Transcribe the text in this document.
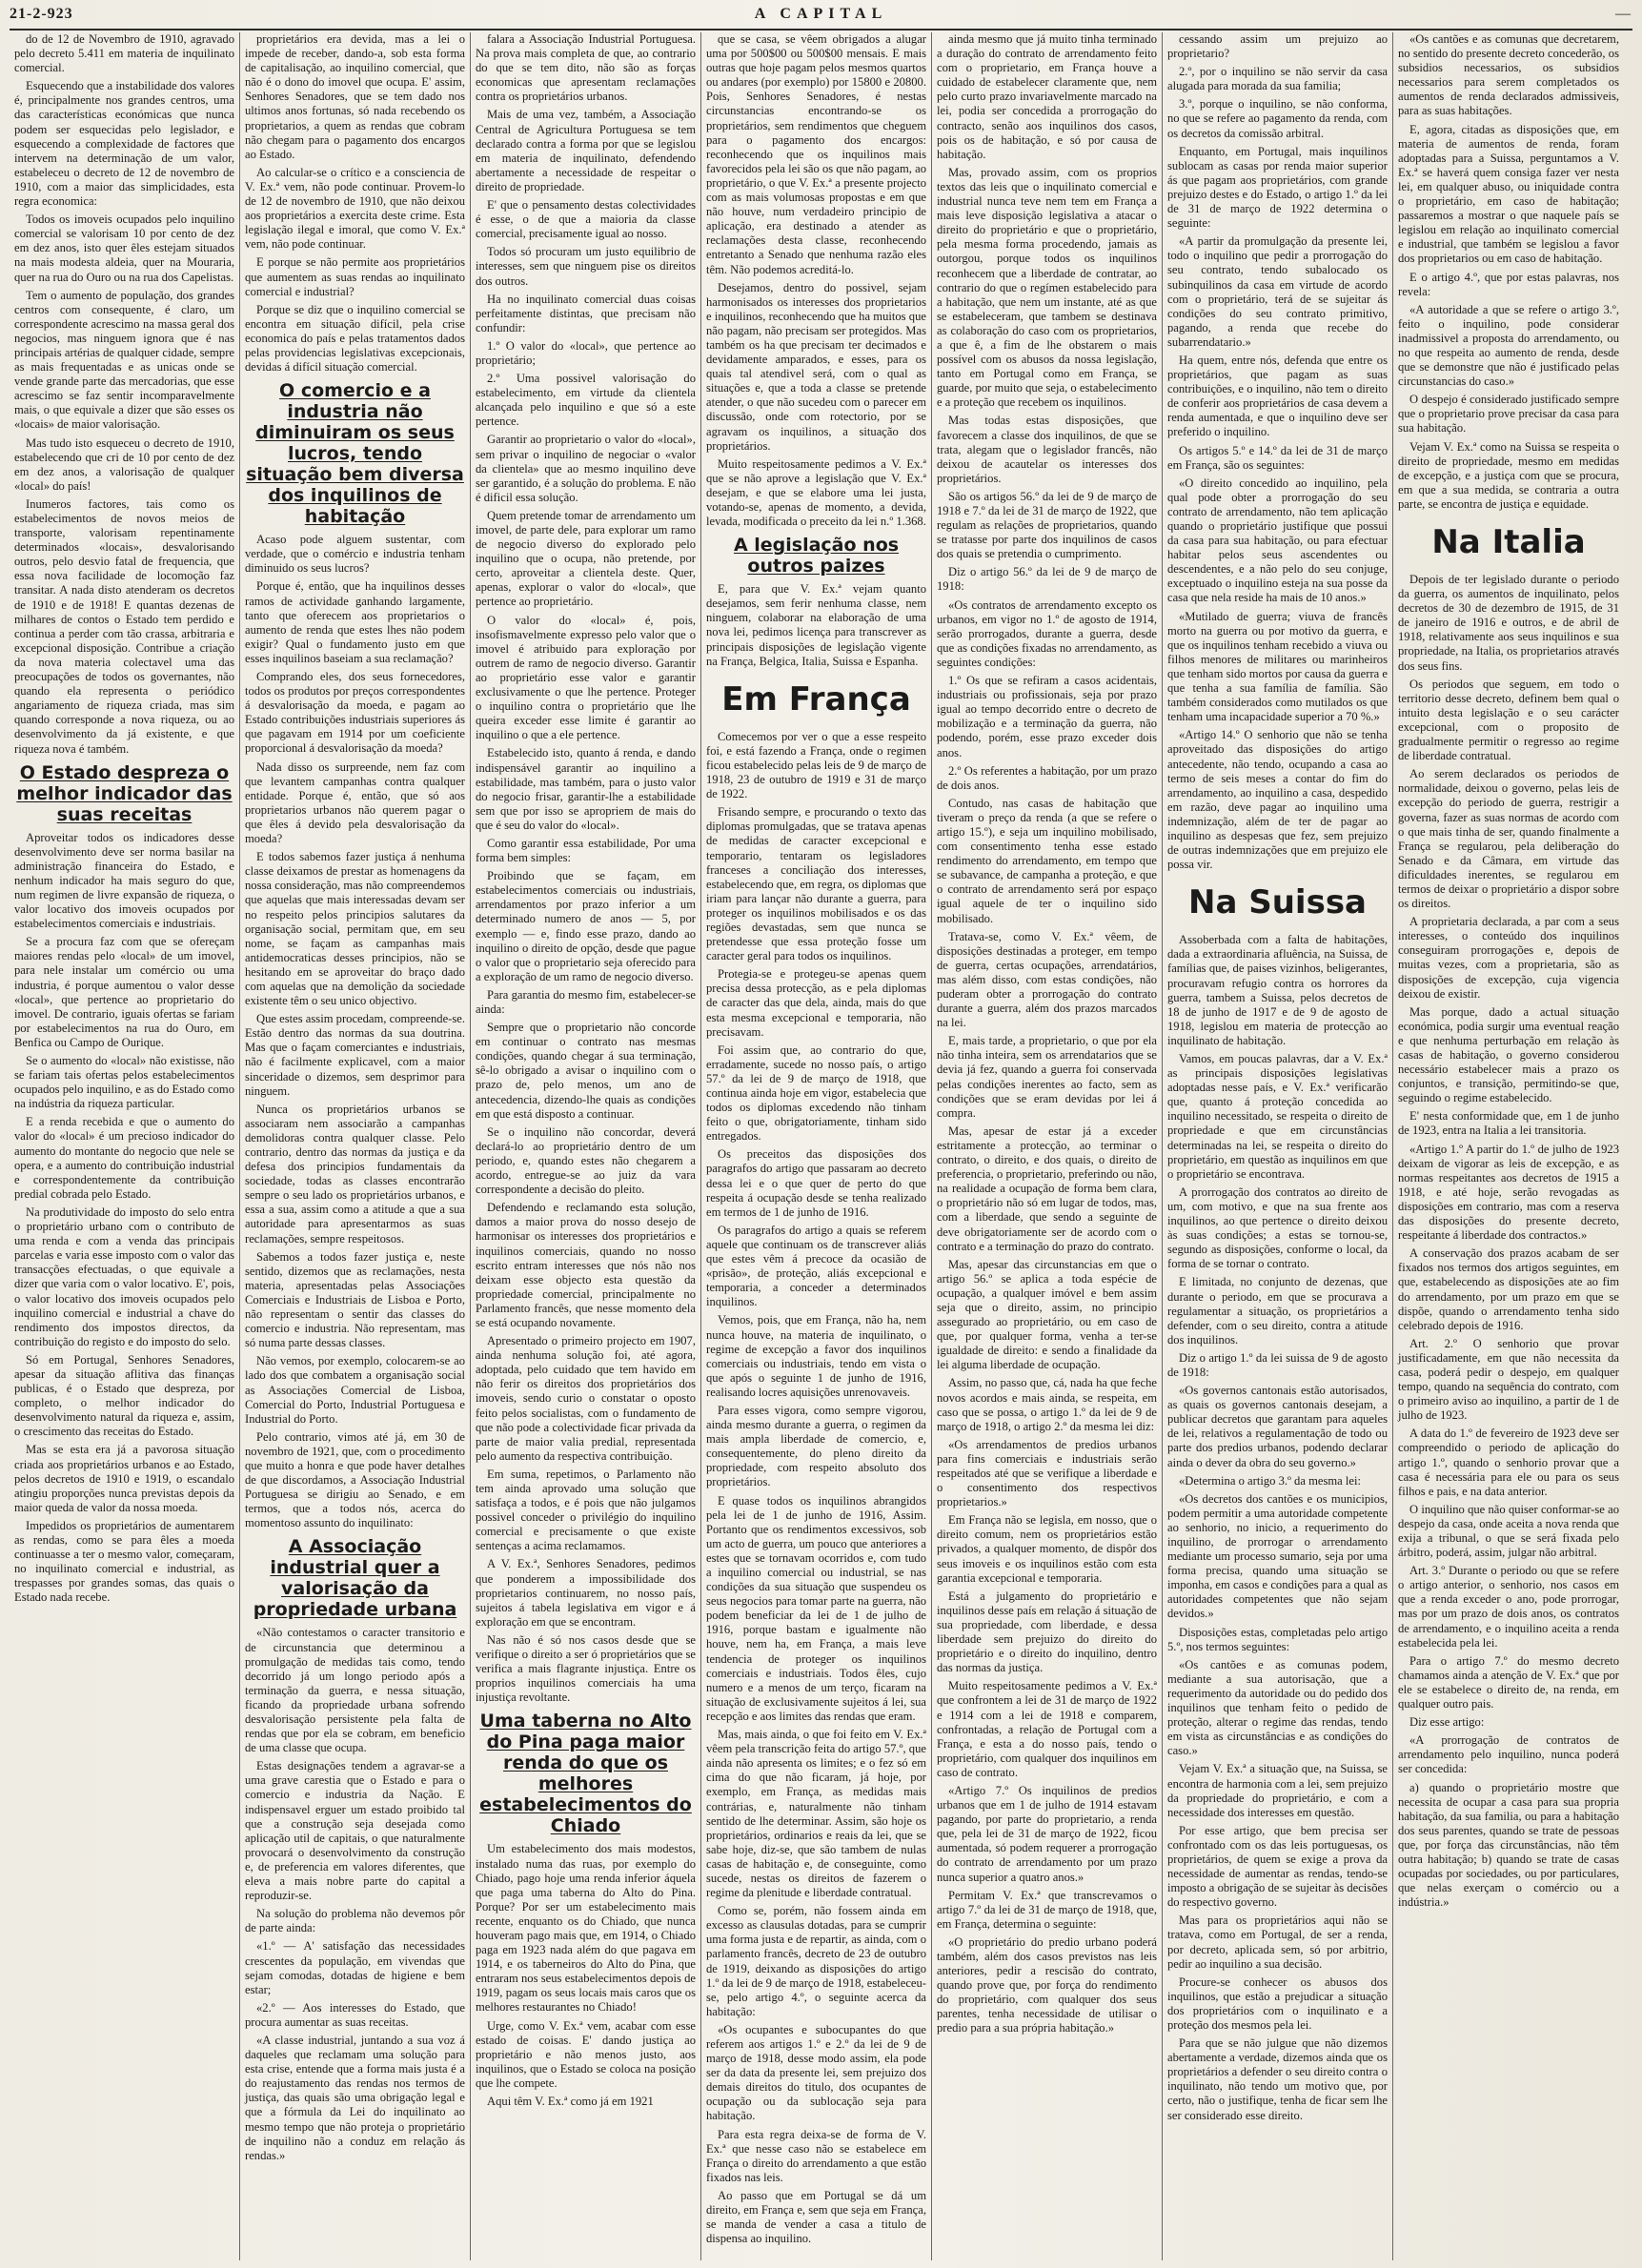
21-2-923	A CAPITAL	—

do de 12 de Novembro de 1910, agravado pelo decreto 5.411 em materia de inquilinato comercial.

Esquecendo que a instabilidade dos valores é, principalmente nos grandes centros, uma das características económicas que nunca podem ser esquecidas pelo legislador, e esquecendo a complexidade de factores que intervem na determinação de um valor, estabeleceu o decreto de 12 de novembro de 1910, com a maior das simplicidades, esta regra economica:

Todos os imoveis ocupados pelo inquilino comercial se valorisam 10 por cento de dez em dez anos, isto quer êles estejam situados na mais modesta aldeia, quer na Mouraria, quer na rua do Ouro ou na rua dos Capelistas.

Tem o aumento de população, dos grandes centros com consequente, é claro, um correspondente acrescimo na massa geral dos negocios, mas ninguem ignora que é nas principais artérias de qualquer cidade, sempre as mais frequentadas e as unicas onde se vende grande parte das mercadorias, que esse acrescimo se faz sentir incomparavelmente mais, o que equivale a dizer que são esses os «locais» de maior valorisação.

Mas tudo isto esqueceu o decreto de 1910, estabelecendo que cri de 10 por cento de dez em dez anos, a valorisação de qualquer «local» do país!

Inumeros factores, tais como os estabelecimentos de novos meios de transporte, valorisam repentinamente determinados «locais», desvalorisando outros, pelo desvio fatal de frequencia, que essa nova facilidade de locomoção faz transitar. A nada disto atenderam os decretos de 1910 e de 1918! E quantas dezenas de milhares de contos o Estado tem perdido e continua a perder com tão crassa, arbitraria e excepcional disposição. Contribue a criação da nova materia colectavel uma das preocupações de todos os governantes, não quando ela representa o periódico angariamento de riqueza criada, mas sim quando corresponde a nova riqueza, ou ao desenvolvimento da já existente, e que riqueza nova é também.

O Estado despreza o melhor indicador das suas receitas

Aproveitar todos os indicadores desse desenvolvimento deve ser norma basilar na administração financeira do Estado, e nenhum indicador ha mais seguro do que, num regimen de livre expansão de riqueza, o valor locativo dos imoveis ocupados por estabelecimentos comerciais e industriais.

Se a procura faz com que se ofereçam maiores rendas pelo «local» de um imovel, para nele instalar um comércio ou uma industria, é porque aumentou o valor desse «local», que pertence ao proprietario do imovel. De contrario, iguais ofertas se fariam por estabelecimentos na rua do Ouro, em Benfica ou Campo de Ourique.

Se o aumento do «local» não existisse, não se fariam tais ofertas pelos estabelecimentos ocupados pelo inquilino, e as do Estado como na indústria da riqueza particular.

E a renda recebida e que o aumento do valor do «local» é um precioso indicador do aumento do montante do negocio que nele se opera, e a aumento do contribuição industrial e correspondentemente da contribuição predial cobrada pelo Estado.

Na produtividade do imposto do selo entra o proprietário urbano com o contributo de uma renda e com a venda das principais parcelas e varia esse imposto com o valor das transacções efectuadas, o que equivale a dizer que varia com o valor locativo. E', pois, o valor locativo dos imoveis ocupados pelo inquilino comercial e industrial a chave do rendimento dos impostos directos, da contribuição do registo e do imposto do selo.

Só em Portugal, Senhores Senadores, apesar da situação aflitiva das finanças publicas, é o Estado que despreza, por completo, o melhor indicador do desenvolvimento natural da riqueza e, assim, o crescimento das receitas do Estado.

Mas se esta era já a pavorosa situação criada aos proprietários urbanos e ao Estado, pelos decretos de 1910 e 1919, o escandalo atingiu proporções nunca previstas depois da maior queda de valor da nossa moeda.

Impedidos os proprietários de aumentarem as rendas, como se para êles a moeda continuasse a ter o mesmo valor, começaram, no inquilinato comercial e industrial, as trespasses por grandes somas, das quais o Estado nada recebe.

proprietários era devida, mas a lei o impede de receber, dando-a, sob esta forma de capitalisação, ao inquilino comercial, que não é o dono do imovel que ocupa. E' assim, Senhores Senadores, que se tem dado nos ultimos anos fortunas, só nada recebendo os proprietarios, a quem as rendas que cobram não chegam para o pagamento dos encargos ao Estado.

Ao calcular-se o crítico e a consciencia de V. Ex.ª vem, não pode continuar. Provem-lo de 12 de novembro de 1910, que não deixou aos proprietários a exercita deste crime. Esta legislação ilegal e imoral, que como V. Ex.ª vem, não pode continuar.

E porque se não permite aos proprietários que aumentem as suas rendas ao inquilinato comercial e industrial?

Porque se diz que o inquilino comercial se encontra em situação difícil, pela crise economica do país e pelas tratamentos dados pelas providencias legislativas excepcionais, devidas á difícil situação comercial.

O comercio e a industria não diminuiram os seus lucros, tendo situação bem diversa dos inquilinos de habitação

Acaso pode alguem sustentar, com verdade, que o comércio e industria tenham diminuido os seus lucros?

Porque é, então, que ha inquilinos desses ramos de actividade ganhando largamente, tanto que oferecem aos proprietarios o aumento de renda que estes lhes não podem exigir? Qual o fundamento justo em que esses inquilinos baseiam a sua reclamação?

Comprando eles, dos seus fornecedores, todos os produtos por preços correspondentes á desvalorisação da moeda, e pagam ao Estado contribuições industriais superiores ás que pagavam em 1914 por um coeficiente proporcional á desvalorisação da moeda?

Nada disso os surpreende, nem faz com que levantem campanhas contra qualquer entidade. Porque é, então, que só aos proprietarios urbanos não querem pagar o que êles á devido pela desvalorisação da moeda?

E todos sabemos fazer justiça á nenhuma classe deixamos de prestar as homenagens da nossa consideração, mas não compreendemos que aquelas que mais interessadas devam ser no respeito pelos principios salutares da organisação social, permitam que, em seu nome, se façam as campanhas mais antidemocraticas desses principios, não se hesitando em se aproveitar do braço dado com aquelas que na demolição da sociedade existente têm o seu unico objectivo.

Que estes assim procedam, compreende-se. Estão dentro das normas da sua doutrina. Mas que o façam comerciantes e industriais, não é facilmente explicavel, com a maior sinceridade o dizemos, sem desprimor para ninguem.

Nunca os proprietários urbanos se associaram nem associarão a campanhas demolidoras contra qualquer classe. Pelo contrario, dentro das normas da justiça e da defesa dos principios fundamentais da sociedade, todas as classes encontrarão sempre o seu lado os proprietários urbanos, e essa a sua, assim como a atitude a que a sua autoridade para apresentarmos as suas reclamações, sempre respeitosos.

Sabemos a todos fazer justiça e, neste sentido, dizemos que as reclamações, nesta materia, apresentadas pelas Associações Comerciais e Industriais de Lisboa e Porto, não representam o sentir das classes do comercio e industria. Não representam, mas só numa parte dessas classes.

Não vemos, por exemplo, colocarem-se ao lado dos que combatem a organisação social as Associações Comercial de Lisboa, Comercial do Porto, Industrial Portuguesa e Industrial do Porto.

Pelo contrario, vimos até já, em 30 de novembro de 1921, que, com o procedimento que muito a honra e que pode haver detalhes de que discordamos, a Associação Industrial Portuguesa se dirigiu ao Senado, e em termos, que a todos nós, acerca do momentoso assunto do inquilinato:

A Associação industrial quer a valorisação da propriedade urbana

«Não contestamos o caracter transitorio e de circunstancia que determinou a promulgação de medidas tais como, tendo decorrido já um longo periodo após a terminação da guerra, e nessa situação, ficando da propriedade urbana sofrendo desvalorisação persistente pela falta de rendas que por ela se cobram, em beneficio de uma classe que ocupa.

Estas designações tendem a agravar-se a uma grave carestia que o Estado e para o comercio e industria da Nação. E indispensavel erguer um estado proibido tal que a construção seja desejada como aplicação util de capitais, o que naturalmente provocará o desenvolvimento da construção e, de preferencia em valores diferentes, que eleva a mais nobre parte do capital a reproduzir-se.

Na solução do problema não devemos pôr de parte ainda:

«1.º — A' satisfação das necessidades crescentes da população, em vivendas que sejam comodas, dotadas de higiene e bem estar;

«2.º — Aos interesses do Estado, que procura aumentar as suas receitas.

«A classe industrial, juntando a sua voz á daqueles que reclamam uma solução para esta crise, entende que a forma mais justa é a do reajustamento das rendas nos termos de justiça, das quais são uma obrigação legal e que a fórmula da Lei do inquilinato ao mesmo tempo que não proteja o proprietário de inquilino não a conduz em relação ás rendas.»

falara a Associação Industrial Portuguesa. Na prova mais completa de que, ao contrario do que se tem dito, não são as forças economicas que apresentam reclamações contra os proprietários urbanos.

Mais de uma vez, também, a Associação Central de Agricultura Portuguesa se tem declarado contra a forma por que se legislou em materia de inquilinato, defendendo abertamente a necessidade de respeitar o direito de propriedade.

E' que o pensamento destas colectividades é esse, o de que a maioria da classe comercial, precisamente igual ao nosso.

Todos só procuram um justo equilibrio de interesses, sem que ninguem pise os direitos dos outros.

Ha no inquilinato comercial duas coisas perfeitamente distintas, que precisam não confundir:

1.º O valor do «local», que pertence ao proprietário;

2.º Uma possivel valorisação do estabelecimento, em virtude da clientela alcançada pelo inquilino e que só a este pertence.

Garantir ao proprietario o valor do «local», sem privar o inquilino de negociar o «valor da clientela» que ao mesmo inquilino deve ser garantido, é a solução do problema. E não é dificil essa solução.

Quem pretende tomar de arrendamento um imovel, de parte dele, para explorar um ramo de negocio diverso do explorado pelo inquilino que o ocupa, não pretende, por certo, aproveitar a clientela deste. Quer, apenas, explorar o valor do «local», que pertence ao proprietário.

O valor do «local» é, pois, insofismavelmente expresso pelo valor que o imovel é atribuido para exploração por outrem de ramo de negocio diverso. Garantir ao proprietário esse valor e garantir exclusivamente o que lhe pertence. Proteger o inquilino contra o proprietário que lhe queira exceder esse limite é garantir ao inquilino o que a ele pertence.

Estabelecido isto, quanto á renda, e dando indispensável garantir ao inquilino a estabilidade, mas também, para o justo valor do negocio frisar, garantir-lhe a estabilidade sem que por isso se apropriem de mais do que é seu do valor do «local».

Como garantir essa estabilidade, Por uma forma bem simples:

Proibindo que se façam, em estabelecimentos comerciais ou industriais, arrendamentos por prazo inferior a um determinado numero de anos — 5, por exemplo — e, findo esse prazo, dando ao inquilino o direito de opção, desde que pague o valor que o proprietario seja oferecido para a exploração de um ramo de negocio diverso.

Para garantia do mesmo fim, estabelecer-se ainda:

Sempre que o proprietario não concorde em continuar o contrato nas mesmas condições, quando chegar á sua terminação, sê-lo obrigado a avisar o inquilino com o prazo de, pelo menos, um ano de antecedencia, dizendo-lhe quais as condições em que está disposto a continuar.

Se o inquilino não concordar, deverá declará-lo ao proprietário dentro de um periodo, e, quando estes não chegarem a acordo, entregue-se ao juiz da vara correspondente a decisão do pleito.

Defendendo e reclamando esta solução, damos a maior prova do nosso desejo de harmonisar os interesses dos proprietários e inquilinos comerciais, quando no nosso escrito entram interesses que nós não nos deixam esse objecto esta questão da propriedade comercial, principalmente no Parlamento francês, que nesse momento dela se está ocupando novamente.

Apresentado o primeiro projecto em 1907, ainda nenhuma solução foi, até agora, adoptada, pelo cuidado que tem havido em não ferir os direitos dos proprietários dos imoveis, sendo curio o constatar o oposto feito pelos socialistas, com o fundamento de que não pode a colectividade ficar privada da parte de maior valia predial, representada pelo aumento da respectiva contribuição.

Em suma, repetimos, o Parlamento não tem ainda aprovado uma solução que satisfaça a todos, e é pois que não julgamos possivel conceder o privilégio do inquilino comercial e precisamente o que existe sentenças a acima reclamamos.

A V. Ex.ª, Senhores Senadores, pedimos que ponderem a impossibilidade dos proprietarios continuarem, no nosso país, sujeitos á tabela legislativa em vigor e á exploração em que se encontram.

Nas não é só nos casos desde que se verifique o direito a ser ó proprietários que se verifica a mais flagrante injustiça. Entre os proprios inquilinos comerciais ha uma injustiça revoltante.

Uma taberna no Alto do Pina paga maior renda do que os melhores estabelecimentos do Chiado

Um estabelecimento dos mais modestos, instalado numa das ruas, por exemplo do Chiado, pago hoje uma renda inferior áquela que paga uma taberna do Alto do Pina. Porque? Por ser um estabelecimento mais recente, enquanto os do Chiado, que nunca houveram pago mais que, em 1914, o Chiado paga em 1923 nada além do que pagava em 1914, e os taberneiros do Alto do Pina, que entraram nos seus estabelecimentos depois de 1919, pagam os seus locais mais caros que os melhores restaurantes no Chiado!

Urge, como V. Ex.ª vem, acabar com esse estado de coisas. E' dando justiça ao proprietário e não menos justo, aos inquilinos, que o Estado se coloca na posição que lhe compete.

Aqui têm V. Ex.ª como já em 1921

que se casa, se vêem obrigados a alugar uma por 500$00 ou 500$00 mensais. E mais outras que hoje pagam pelos mesmos quartos ou andares (por exemplo) por 15800 e 20800. Pois, Senhores Senadores, é nestas circunstancias encontrando-se os proprietários, sem rendimentos que cheguem para o pagamento dos encargos: reconhecendo que os inquilinos mais favorecidos pela lei são os que não pagam, ao proprietário, o que V. Ex.ª a presente projecto com as mais volumosas propostas e em que não houve, num verdadeiro principio de aplicação, era destinado a atender as reclamações desta classe, reconhecendo entretanto a Senado que nenhuma razão eles têm. Não podemos acreditá-lo.

Desejamos, dentro do possivel, sejam harmonisados os interesses dos proprietarios e inquilinos, reconhecendo que ha muitos que não pagam, não precisam ser protegidos. Mas também os ha que precisam ter decimados e devidamente amparados, e esses, para os quais tal atendivel será, com o qual as situações e, que a toda a classe se pretende atender, o que não sucedeu com o parecer em discussão, onde com rotectorio, por se agravam os inquilinos, a situação dos proprietários.

Muito respeitosamente pedimos a V. Ex.ª que se não aprove a legislação que V. Ex.ª desejam, e que se elabore uma lei justa, votando-se, apenas de momento, a devida, levada, modificada o preceito da lei n.º 1.368.

A legislação nos outros paizes

E, para que V. Ex.ª vejam quanto desejamos, sem ferir nenhuma classe, nem ninguem, colaborar na elaboração de uma nova lei, pedimos licença para transcrever as principais disposições de legislação vigente na França, Belgica, Italia, Suissa e Espanha.

Em França

Comecemos por ver o que a esse respeito foi, e está fazendo a França, onde o regimen ficou estabelecido pelas leis de 9 de março de 1918, 23 de outubro de 1919 e 31 de março de 1922.

Frisando sempre, e procurando o texto das diplomas promulgadas, que se tratava apenas de medidas de caracter excepcional e temporario, tentaram os legisladores franceses a conciliação dos interesses, estabelecendo que, em regra, os diplomas que iriam para lançar não durante a guerra, para proteger os inquilinos mobilisados e os das regiões devastadas, sem que nunca se pretendesse que essa proteção fosse um caracter geral para todos os inquilinos.

Protegia-se e protegeu-se apenas quem precisa dessa protecção, as e pela diplomas de caracter das que dela, ainda, mais do que esta mesma excepcional e temporaria, não precisavam.

Foi assim que, ao contrario do que, erradamente, sucede no nosso país, o artigo 57.º da lei de 9 de março de 1918, que continua ainda hoje em vigor, estabelecia que todos os diplomas excedendo não tinham feito o que, obrigatoriamente, tinham sido entregados.

Os preceitos das disposições dos paragrafos do artigo que passaram ao decreto dessa lei e o que quer de perto do que respeita á ocupação desde se tenha realizado em termos de 1 de junho de 1916.

Os paragrafos do artigo a quais se referem aquele que continuam os de transcrever aliás que estes vêm á precoce da ocasião de «prisão», de proteção, aliás excepcional e temporaria, a conceder a determinados inquilinos.

Vemos, pois, que em França, não ha, nem nunca houve, na materia de inquilinato, o regime de excepção a favor dos inquilinos comerciais ou industriais, tendo em vista o que após o seguinte 1 de junho de 1916, realisando locres aquisições unrenovaveis.

Para esses vigora, como sempre vigorou, ainda mesmo durante a guerra, o regimen da mais ampla liberdade de comercio, e, consequentemente, do pleno direito da propriedade, com respeito absoluto dos proprietários.

E quase todos os inquilinos abrangidos pela lei de 1 de junho de 1916, Assim. Portanto que os rendimentos excessivos, sob um acto de guerra, um pouco que anteriores a estes que se tornavam ocorridos e, com tudo a inquilino comercial ou industrial, se nas condições da sua situação que suspendeu os seus negocios para tomar parte na guerra, não podem beneficiar da lei de 1 de julho de 1916, porque bastam e igualmente não houve, nem ha, em França, a mais leve tendencia de proteger os inquilinos comerciais e industriais. Todos êles, cujo numero e a menos de um terço, ficaram na situação de exclusivamente sujeitos á lei, sua recepção e aos limites das rendas que eram.

Mas, mais ainda, o que foi feito em V. Ex.ª vêem pela transcrição feita do artigo 57.º, que ainda não apresenta os limites; e o fez só em cima do que não ficaram, já hoje, por exemplo, em França, as medidas mais contrárias, e, naturalmente não tinham sentido de lhe determinar. Assim, são hoje os proprietários, ordinarios e reais da lei, que se sabe hoje, diz-se, que são tambem de nulas casas de habitação e, de conseguinte, como sucede, nestas os direitos de fazerem o regime da plenitude e liberdade contratual.

Como se, porém, não fossem ainda em excesso as clausulas dotadas, para se cumprir uma forma justa e de repartir, as ainda, com o parlamento francês, decreto de 23 de outubro de 1919, deixando as disposições do artigo 1.º da lei de 9 de março de 1918, estabeleceu-se, pelo artigo 4.º, o seguinte acerca da habitação:

«Os ocupantes e subocupantes do que referem aos artigos 1.º e 2.º da lei de 9 de março de 1918, desse modo assim, ela pode ser da data da presente lei, sem prejuizo dos demais direitos do titulo, dos ocupantes de ocupação ou da sublocação seja para habitação.

Para esta regra deixa-se de forma de V. Ex.ª que nesse caso não se estabelece em França o direito do arrendamento a que estão fixados nas leis.

Ao passo que em Portugal se dá um direito, em França e, sem que seja em França, se manda de vender a casa a titulo de dispensa ao inquilino.

ainda mesmo que já muito tinha terminado a duração do contrato de arrendamento feito com o proprietario, em França houve a cuidado de estabelecer claramente que, nem pelo curto prazo invariavelmente marcado na lei, podia ser concedida a prorrogação do contracto, senão aos inquilinos dos casos, pois os de habitação, e só por causa de habitação.

Mas, provado assim, com os proprios textos das leis que o inquilinato comercial e industrial nunca teve nem tem em França a mais leve disposição legislativa a atacar o direito do proprietário e que o proprietário, pela mesma forma procedendo, jamais as outorgou, porque todos os inquilinos reconhecem que a liberdade de contratar, ao contrario do que o regímen estabelecido para a habitação, que nem um instante, até as que se estabeleceram, que tambem se destinava as colaboração do caso com os proprietarios, a que ê, a fim de lhe obstarem o mais possível com os abusos da nossa legislação, tanto em Portugal como em França, se guarde, por muito que seja, o estabelecimento e a proteção que recebem os inquilinos.

Mas todas estas disposições, que favorecem a classe dos inquilinos, de que se trata, alegam que o legislador francês, não deixou de acautelar os interesses dos proprietários.

São os artigos 56.º da lei de 9 de março de 1918 e 7.º da lei de 31 de março de 1922, que regulam as relações de proprietarios, quando se tratasse por parte dos inquilinos de casos dos quais se pretendia o cumprimento.

Diz o artigo 56.º da lei de 9 de março de 1918:

«Os contratos de arrendamento excepto os urbanos, em vigor no 1.º de agosto de 1914, serão prorrogados, durante a guerra, desde que as condições fixadas no arrendamento, as seguintes condições:

1.º Os que se refiram a casos acidentais, industriais ou profissionais, seja por prazo igual ao tempo decorrido entre o decreto de mobilização e a terminação da guerra, não podendo, porém, esse prazo exceder dois anos.

2.º Os referentes a habitação, por um prazo de dois anos.

Contudo, nas casas de habitação que tiveram o preço da renda (a que se refere o artigo 15.º), e seja um inquilino mobilisado, com consentimento tenha esse estado rendimento do arrendamento, em tempo que se subavance, de campanha a proteção, e que o contrato de arrendamento será por espaço igual aquele de ter o inquilino sido mobilisado.

Tratava-se, como V. Ex.ª vêem, de disposições destinadas a proteger, em tempo de guerra, certas ocupações, arrendatários, mas além disso, com estas condições, não puderam obter a prorrogação do contrato durante a guerra, além dos prazos marcados na lei.

E, mais tarde, a proprietario, o que por ela não tinha inteira, sem os arrendatarios que se devia já fez, quando a guerra foi conservada pelas condições inerentes ao facto, sem as condições que se eram devidas por lei á compra.

Mas, apesar de estar já a exceder estritamente a protecção, ao terminar o contrato, o direito, e dos quais, o direito de preferencia, o proprietario, preferindo ou não, na realidade a ocupação de forma bem clara, o proprietário não só em lugar de todos, mas, com a liberdade, que sendo a seguinte de deve obrigatoriamente ser de acordo com o contrato e a terminação do prazo do contrato.

Mas, apesar das circunstancias em que o artigo 56.º se aplica a toda espécie de ocupação, a qualquer imóvel e bem assim seja que o direito, assim, no principio assegurado ao proprietário, ou em caso de que, por qualquer forma, venha a ter-se igualdade de direito: e sendo a finalidade da lei alguma liberdade de ocupação.

Assim, no passo que, cá, nada ha que feche novos acordos e mais ainda, se respeita, em caso que se possa, o artigo 1.º da lei de 9 de março de 1918, o artigo 2.º da mesma lei diz:

«Os arrendamentos de predios urbanos para fins comerciais e industriais serão respeitados até que se verifique a liberdade e o consentimento dos respectivos proprietarios.»

Em França não se legisla, em nosso, que o direito comum, nem os proprietários estão privados, a qualquer momento, de dispôr dos seus imoveis e os inquilinos estão com esta garantia excepcional e temporaria.

Está a julgamento do proprietário e inquilinos desse país em relação á situação de sua propriedade, com liberdade, e dessa liberdade sem prejuizo do direito do proprietário e o direito do inquilino, dentro das normas da justiça.

Muito respeitosamente pedimos a V. Ex.ª que confrontem a lei de 31 de março de 1922 e 1914 com a lei de 1918 e comparem, confrontadas, a relação de Portugal com a França, e esta a do nosso país, tendo o proprietário, com qualquer dos inquilinos em caso de contrato.

«Artigo 7.º Os inquilinos de predios urbanos que em 1 de julho de 1914 estavam pagando, por parte do proprietario, a renda que, pela lei de 31 de março de 1922, ficou aumentada, só podem requerer a prorrogação do contrato de arrendamento por um prazo nunca superior a quatro anos.»

Permitam V. Ex.ª que transcrevamos o artigo 7.º da lei de 31 de março de 1918, que, em França, determina o seguinte:

«O proprietário do predio urbano poderá também, além dos casos previstos nas leis anteriores, pedir a rescisão do contrato, quando prove que, por força do rendimento do proprietário, com qualquer dos seus parentes, tenha necessidade de utilisar o predio para a sua própria habitação.»

cessando assim um prejuizo ao proprietario?

2.º, por o inquilino se não servir da casa alugada para morada da sua familia;

3.º, porque o inquilino, se não conforma, no que se refere ao pagamento da renda, com os decretos da comissão arbitral.

Enquanto, em Portugal, mais inquilinos sublocam as casas por renda maior superior ás que pagam aos proprietários, com grande prejuizo destes e do Estado, o artigo 1.º da lei de 31 de março de 1922 determina o seguinte:

«A partir da promulgação da presente lei, todo o inquilino que pedir a prorrogação do seu contrato, tendo subalocado os subinquilinos da casa em virtude de acordo com o proprietário, terá de se sujeitar ás condições do seu contrato primitivo, pagando, a renda que recebe do subarrendatario.»

Ha quem, entre nós, defenda que entre os proprietários, que pagam as suas contribuições, e o inquilino, não tem o direito de conferir aos proprietários de casa devem a renda aumentada, e que o inquilino deve ser preferido o inquilino.

Os artigos 5.º e 14.º da lei de 31 de março em França, são os seguintes:

«O direito concedido ao inquilino, pela qual pode obter a prorrogação do seu contrato de arrendamento, não tem aplicação quando o proprietário justifique que possui da casa para sua habitação, ou para efectuar habitar pelos seus ascendentes ou descendentes, e a não pelo do seu conjuge, exceptuado o inquilino esteja na sua posse da casa que nela reside ha mais de 10 anos.»

«Mutilado de guerra; viuva de francês morto na guerra ou por motivo da guerra, e que os inquilinos tenham recebido a viuva ou filhos menores de militares ou marinheiros que tenham sido mortos por causa da guerra e que tenha a sua família de família. São também considerados como mutilados os que tenham uma incapacidade superior a 70 %.»

«Artigo 14.º O senhorio que não se tenha aproveitado das disposições do artigo antecedente, não tendo, ocupando a casa ao termo de seis meses a contar do fim do arrendamento, ao inquilino a casa, despedido em razão, deve pagar ao inquilino uma indemnização, além de ter de pagar ao inquilino as despesas que fez, sem prejuizo de outras indemnizações que em prejuizo ele possa vir.

Na Suissa

Assoberbada com a falta de habitações, dada a extraordinaria afluência, na Suissa, de famílias que, de paises vizinhos, beligerantes, procuravam refugio contra os horrores da guerra, tambem a Suissa, pelos decretos de 18 de junho de 1917 e de 9 de agosto de 1918, legislou em materia de protecção ao inquilinato de habitação.

Vamos, em poucas palavras, dar a V. Ex.ª as principais disposições legislativas adoptadas nesse país, e V. Ex.ª verificarão que, quanto á proteção concedida ao inquilino necessitado, se respeita o direito de propriedade e que em circunstâncias determinadas na lei, se respeita o direito do proprietário, em questão as inquilinos em que o proprietário se encontrava.

A prorrogação dos contratos ao direito de um, com motivo, e que na sua frente aos inquilinos, ao que pertence o direito deixou às suas condições; a estas se tornou-se, segundo as disposições, conforme o local, da forma de se tornar o contrato.

E limitada, no conjunto de dezenas, que durante o periodo, em que se procurava a regulamentar a situação, os proprietários a defender, com o seu direito, contra a atitude dos inquilinos.

Diz o artigo 1.º da lei suissa de 9 de agosto de 1918:

«Os governos cantonais estão autorisados, as quais os governos cantonais desejam, a publicar decretos que garantam para aqueles de lei, relativos a regulamentação de todo ou parte dos predios urbanos, podendo declarar ainda o dever da obra do seu governo.»

«Determina o artigo 3.º da mesma lei:

«Os decretos dos cantões e os municipios, podem permitir a uma autoridade competente ao senhorio, no inicio, a requerimento do inquilino, de prorrogar o arrendamento mediante um processo sumario, seja por uma forma precisa, quando uma situação se imponha, em casos e condições para a qual as autoridades competentes que não sejam devidos.»

Disposições estas, completadas pelo artigo 5.º, nos termos seguintes:

«Os cantões e as comunas podem, mediante a sua autorisação, que a requerimento da autoridade ou do pedido dos inquilinos que tenham feito o pedido de proteção, alterar o regime das rendas, tendo em vista as circunstâncias e as condições do caso.»

Vejam V. Ex.ª a situação que, na Suissa, se encontra de harmonia com a lei, sem prejuizo da propriedade do proprietário, e com a necessidade dos interesses em questão.

Por esse artigo, que bem precisa ser confrontado com os das leis portuguesas, os proprietários, de quem se exige a prova da necessidade de aumentar as rendas, tendo-se imposto a obrigação de se sujeitar às decisões do respectivo governo.

Mas para os proprietários aqui não se tratava, como em Portugal, de ser a renda, por decreto, aplicada sem, só por arbitrio, pedir ao inquilino a sua decisão.

Procure-se conhecer os abusos dos inquilinos, que estão a prejudicar a situação dos proprietários com o inquilinato e a proteção dos mesmos pela lei.

Para que se não julgue que não dizemos abertamente a verdade, dizemos ainda que os proprietários a defender o seu direito contra o inquilinato, não tendo um motivo que, por certo, não o justifique, tenha de ficar sem lhe ser considerado esse direito.

«Os cantões e as comunas que decretarem, no sentido do presente decreto concederão, os subsidios necessarios, os subsidios necessarios para serem completados os aumentos de renda declarados admissiveis, para as suas habitações.

E, agora, citadas as disposições que, em materia de aumentos de renda, foram adoptadas para a Suissa, perguntamos a V. Ex.ª se haverá quem consiga fazer ver nesta lei, em qualquer abuso, ou iniquidade contra o proprietário, em caso de habitação; passaremos a mostrar o que naquele país se legislou em relação ao inquilinato comercial e industrial, que também se legislou a favor dos proprietarios ou em caso de habitação.

E o artigo 4.º, que por estas palavras, nos revela:

«A autoridade a que se refere o artigo 3.º, feito o inquilino, pode considerar inadmissivel a proposta do arrendamento, ou no que respeita ao aumento de renda, desde que se demonstre que não é justificado pelas circunstancias do caso.»

O despejo é considerado justificado sempre que o proprietario prove precisar da casa para sua habitação.

Vejam V. Ex.ª como na Suissa se respeita o direito de propriedade, mesmo em medidas de excepção, e a justiça com que se procura, em que a sua medida, se contraria a outra parte, se encontra de justiça e equidade.

Na Italia

Depois de ter legislado durante o periodo da guerra, os aumentos de inquilinato, pelos decretos de 30 de dezembro de 1915, de 31 de janeiro de 1916 e outros, e de abril de 1918, relativamente aos seus inquilinos e sua propriedade, na Italia, os proprietarios através dos seus fins.

Os periodos que seguem, em todo o territorio desse decreto, definem bem qual o intuito desta legislação e o seu carácter excepcional, com o proposito de gradualmente permitir o regresso ao regime de liberdade contratual.

Ao serem declarados os periodos de normalidade, deixou o governo, pelas leis de excepção do periodo de guerra, restrigir a governa, fazer as suas normas de acordo com o que mais tinha de ser, quando finalmente a França se regularou, pela deliberação do Senado e da Câmara, em virtude das dificuldades inerentes, se regularou em termos de deixar o proprietário a dispor sobre os direitos.

A proprietaria declarada, a par com a seus interesses, o conteúdo dos inquilinos conseguiram prorrogações e, depois de muitas vezes, com a proprietaria, são as disposições de excepção, cuja vigencia deixou de existir.

Mas porque, dado a actual situação económica, podia surgir uma eventual reação e que nenhuma perturbação em relação às casas de habitação, o governo considerou necessário estabelecer mais a prazo os conjuntos, e transição, permitindo-se que, seguindo o regime estabelecido.

E' nesta conformidade que, em 1 de junho de 1923, entra na Italia a lei transitoria.

«Artigo 1.º A partir do 1.º de julho de 1923 deixam de vigorar as leis de excepção, e as normas respeitantes aos decretos de 1915 a 1918, e até hoje, serão revogadas as disposições em contrario, mas com a reserva das disposições do presente decreto, respeitante á liberdade dos contractos.»

A conservação dos prazos acabam de ser fixados nos termos dos artigos seguintes, em que, estabelecendo as disposições ate ao fim do arrendamento, por um prazo em que se dispõe, quando o arrendamento tenha sido celebrado depois de 1916.

Art. 2.º O senhorio que provar justificadamente, em que não necessita da casa, poderá pedir o despejo, em qualquer tempo, quando na sequência do contrato, com o primeiro aviso ao inquilino, a partir de 1 de julho de 1923.

A data do 1.º de fevereiro de 1923 deve ser compreendido o periodo de aplicação do artigo 1.º, quando o senhorio provar que a casa é necessária para ele ou para os seus filhos e pais, e na data anterior.

O inquilino que não quiser conformar-se ao despejo da casa, onde aceita a nova renda que exija a tribunal, o que se será fixada pelo árbitro, poderá, assim, julgar não arbitral.

Art. 3.º Durante o periodo ou que se refere o artigo anterior, o senhorio, nos casos em que a renda exceder o ano, pode prorrogar, mas por um prazo de dois anos, os contratos de arrendamento, e o inquilino aceita a renda estabelecida pela lei.

Para o artigo 7.º do mesmo decreto chamamos ainda a atenção de V. Ex.ª que por ele se estabelece o direito de, na renda, em qualquer outro pais.

Diz esse artigo:

«A prorrogação de contratos de arrendamento pelo inquilino, nunca poderá ser concedida:

a) quando o proprietário mostre que necessita de ocupar a casa para sua propria habitação, da sua familia, ou para a habitação dos seus parentes, quando se trate de pessoas que, por força das circunstâncias, não têm outra habitação; b) quando se trate de casas ocupadas por sociedades, ou por particulares, que nelas exerçam o comércio ou a indústria.»
